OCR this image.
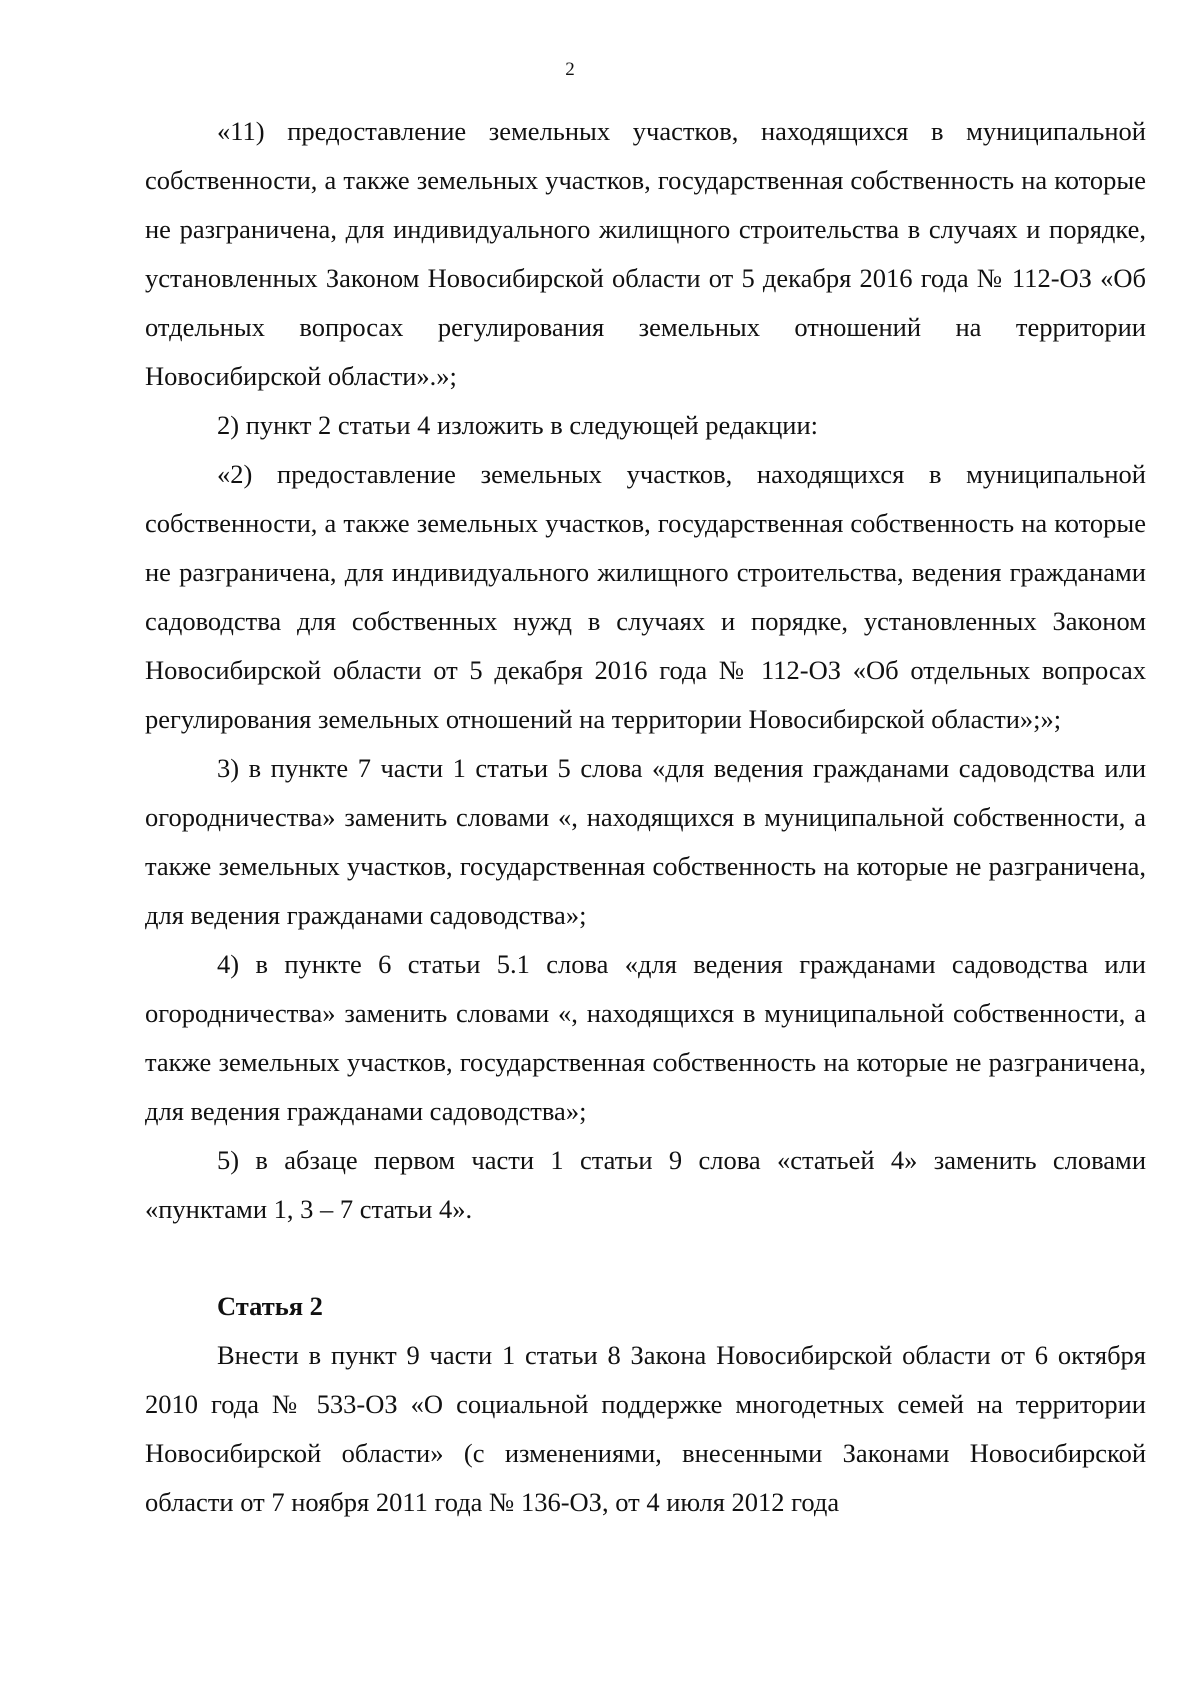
2

«11) предоставление земельных участков, находящихся в муниципальной собственности, а также земельных участков, государственная собственность на которые не разграничена, для индивидуального жилищного строительства в случаях и порядке, установленных Законом Новосибирской области от 5 декабря 2016 года № 112-ОЗ «Об отдельных вопросах регулирования земельных отношений на территории Новосибирской области».»;

2) пункт 2 статьи 4 изложить в следующей редакции:

«2) предоставление земельных участков, находящихся в муниципальной собственности, а также земельных участков, государственная собственность на которые не разграничена, для индивидуального жилищного строительства, ведения гражданами садоводства для собственных нужд в случаях и порядке, установленных Законом Новосибирской области от 5 декабря 2016 года № 112-ОЗ «Об отдельных вопросах регулирования земельных отношений на территории Новосибирской области»;»;

3) в пункте 7 части 1 статьи 5 слова «для ведения гражданами садоводства или огородничества» заменить словами «, находящихся в муниципальной собственности, а также земельных участков, государственная собственность на которые не разграничена, для ведения гражданами садоводства»;

4) в пункте 6 статьи 5.1 слова «для ведения гражданами садоводства или огородничества» заменить словами «, находящихся в муниципальной собственности, а также земельных участков, государственная собственность на которые не разграничена, для ведения гражданами садоводства»;

5) в абзаце первом части 1 статьи 9 слова «статьей 4» заменить словами «пунктами 1, 3 – 7 статьи 4».

Статья 2

Внести в пункт 9 части 1 статьи 8 Закона Новосибирской области от 6 октября 2010 года № 533-ОЗ «О социальной поддержке многодетных семей на территории Новосибирской области» (с изменениями, внесенными Законами Новосибирской области от 7 ноября 2011 года № 136-ОЗ, от 4 июля 2012 года
